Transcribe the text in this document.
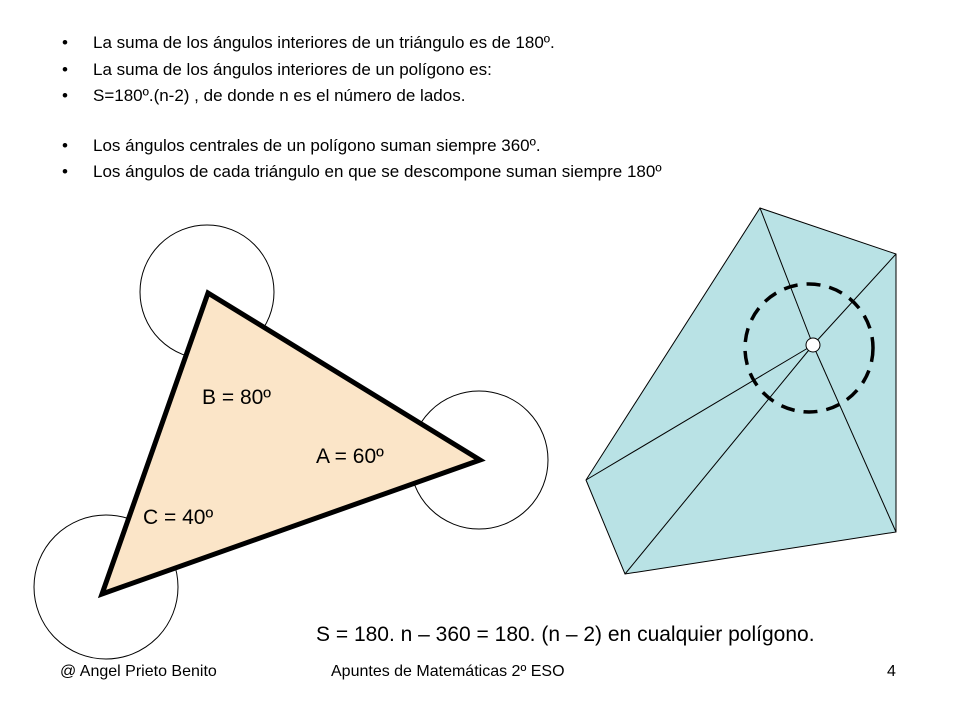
• La suma de los ángulos interiores de un triángulo es de 180º.
• La suma de los ángulos interiores de un polígono es:
• S=180º.(n-2) , de donde n es el número de lados.
• Los ángulos centrales de un polígono suman siempre 360º.
• Los ángulos de cada triángulo en que se descompone suman siempre 180º
B = 80º
A = 60º
C = 40º
S = 180. n – 360 = 180. (n – 2) en cualquier polígono.
@ Angel Prieto Benito	Apuntes de Matemáticas 2º ESO	4
